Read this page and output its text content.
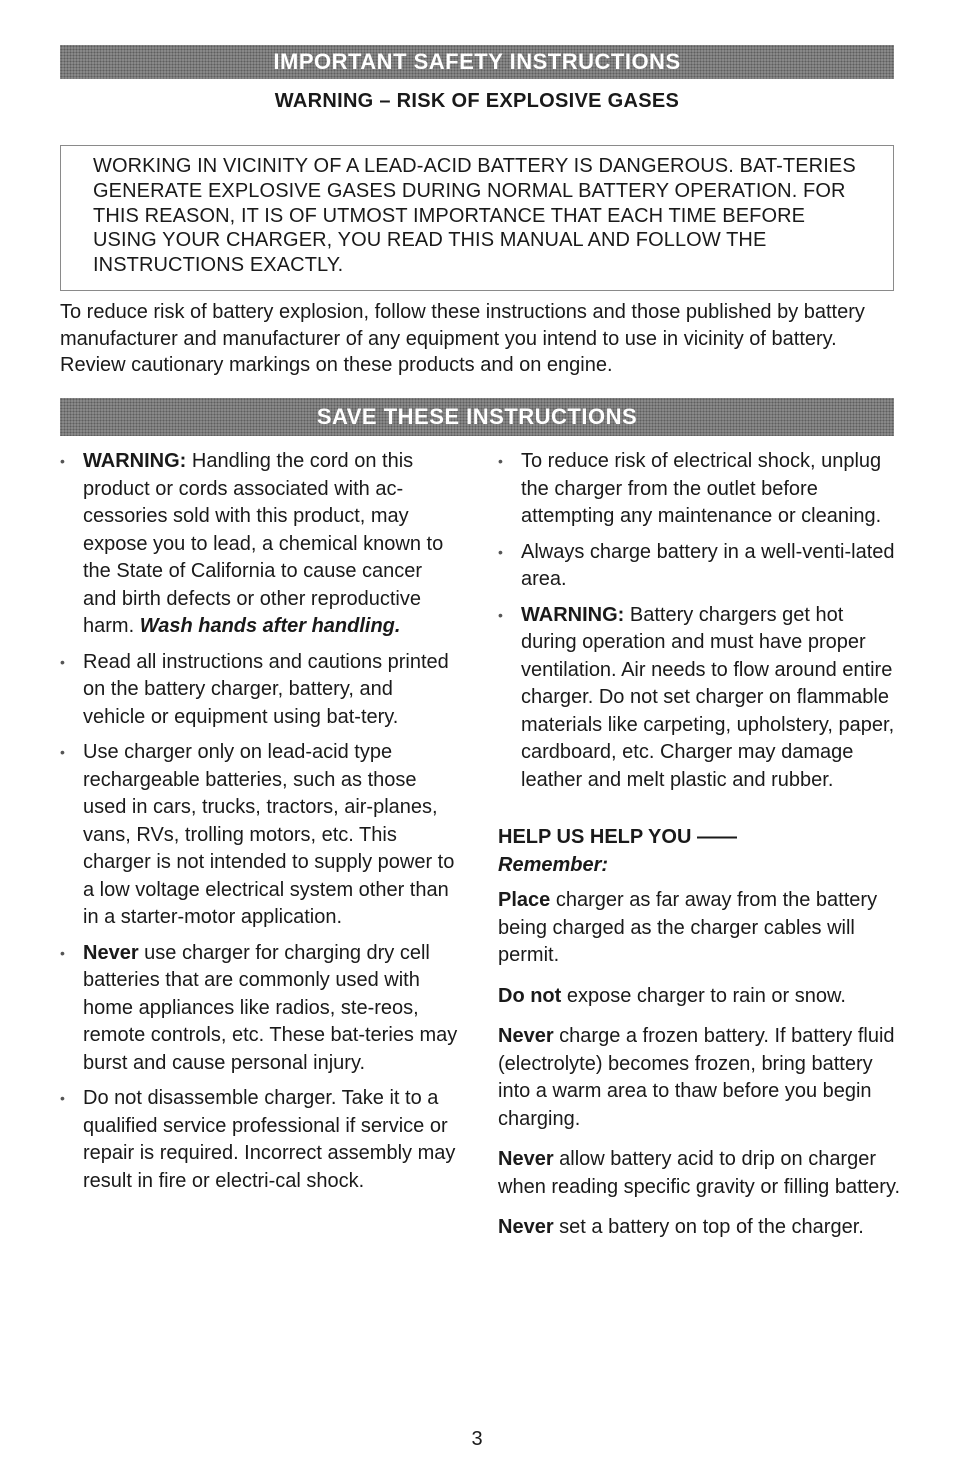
IMPORTANT SAFETY INSTRUCTIONS
WARNING – RISK OF EXPLOSIVE GASES
WORKING IN VICINITY OF A LEAD-ACID BATTERY IS DANGEROUS. BAT-TERIES GENERATE EXPLOSIVE GASES DURING NORMAL BATTERY OPERATION. FOR THIS REASON, IT IS OF UTMOST IMPORTANCE THAT EACH TIME BEFORE USING YOUR CHARGER, YOU READ THIS MANUAL AND FOLLOW THE INSTRUCTIONS EXACTLY.
To reduce risk of battery explosion, follow these instructions and those published by battery manufacturer and manufacturer of any equipment you intend to use in vicinity of battery. Review cautionary markings on these products and on engine.
SAVE THESE INSTRUCTIONS
• WARNING: Handling the cord on this product or cords associated with ac-cessories sold with this product, may expose you to lead, a chemical known to the State of California to cause cancer and birth defects or other reproductive harm. Wash hands after handling.
• Read all instructions and cautions printed on the battery charger, battery, and vehicle or equipment using bat-tery.
• Use charger only on lead-acid type rechargeable batteries, such as those used in cars, trucks, tractors, air-planes, vans, RVs, trolling motors, etc. This charger is not intended to supply power to a low voltage electrical system other than in a starter-motor application.
• Never use charger for charging dry cell batteries that are commonly used with home appliances like radios, ste-reos, remote controls, etc. These bat-teries may burst and cause personal injury.
• Do not disassemble charger. Take it to a qualified service professional if service or repair is required. Incorrect assembly may result in fire or electri-cal shock.
• To reduce risk of electrical shock, unplug the charger from the outlet before attempting any maintenance or cleaning.
• Always charge battery in a well-venti-lated area.
• WARNING: Battery chargers get hot during operation and must have proper ventilation. Air needs to flow around entire charger. Do not set charger on flammable materials like carpeting, upholstery, paper, cardboard, etc. Charger may damage leather and melt plastic and rubber.
HELP US HELP YOU ——
Remember:
Place charger as far away from the battery being charged as the charger cables will permit.
Do not expose charger to rain or snow.
Never charge a frozen battery. If battery fluid (electrolyte) becomes frozen, bring battery into a warm area to thaw before you begin charging.
Never allow battery acid to drip on charger when reading specific gravity or filling battery.
Never set a battery on top of the charger.
3
